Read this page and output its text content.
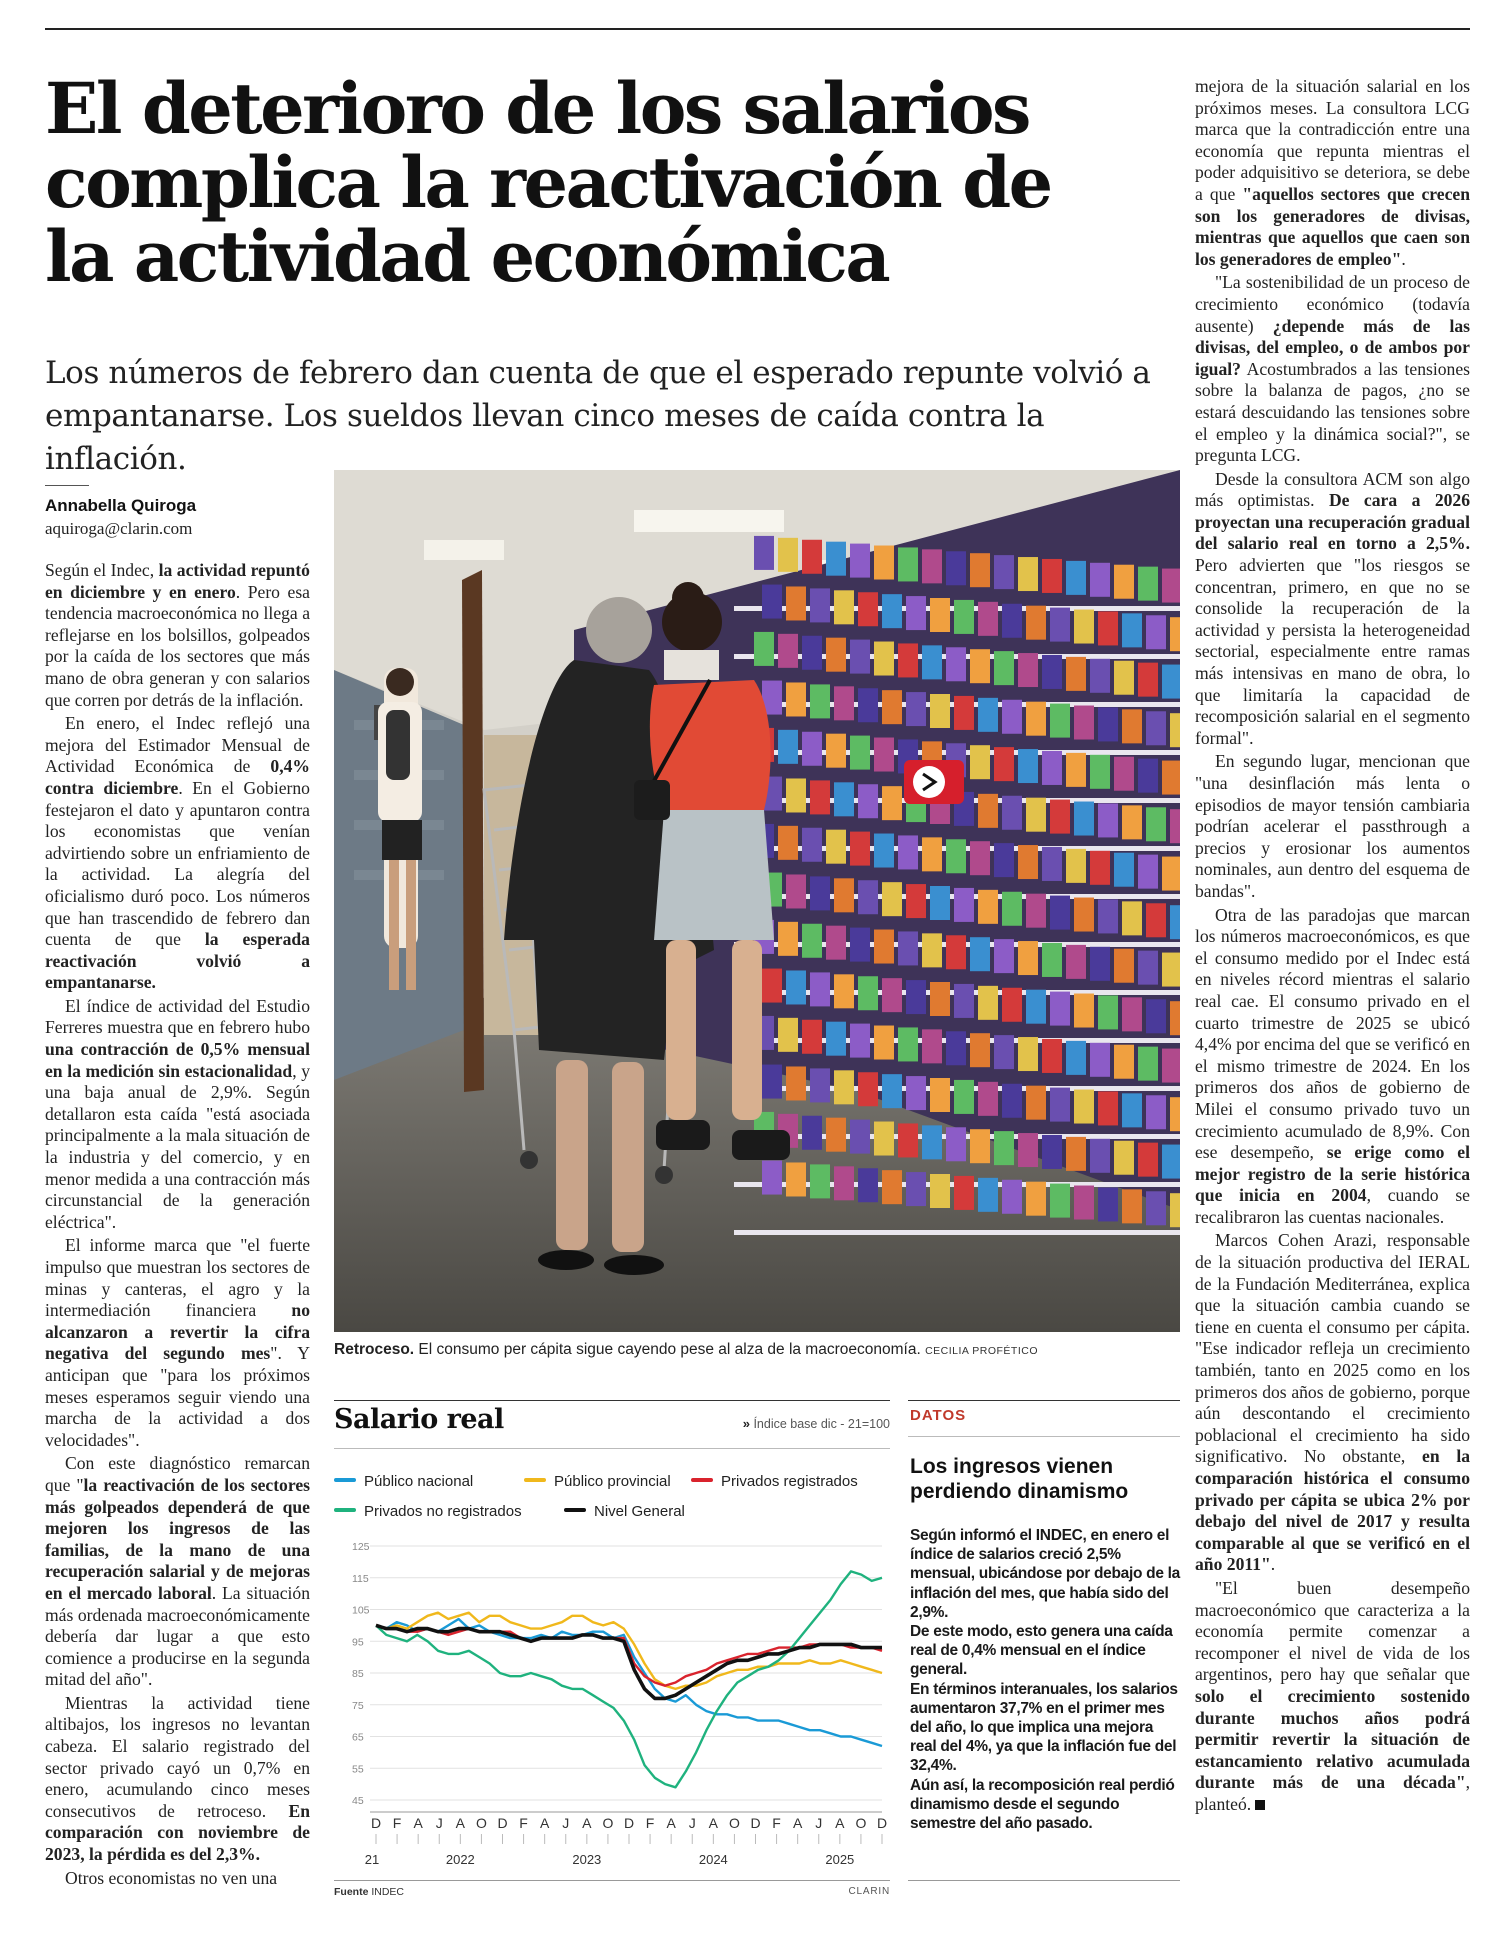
El deterioro de los salarios
complica la reactivación de
la actividad económica
Los números de febrero dan cuenta de que el esperado repunte volvió a
empantanarse. Los sueldos llevan cinco meses de caída contra la inflación.
Annabella Quiroga
aquiroga@clarin.com

Según el Indec, la actividad repuntó en diciembre y en enero. Pero esa tendencia macroeconómica no llega a reflejarse en los bolsillos, golpeados por la caída de los sectores que más mano de obra generan y con salarios que corren por detrás de la inflación.

En enero, el Indec reflejó una mejora del Estimador Mensual de Actividad Económica de 0,4% contra diciembre. En el Gobierno festejaron el dato y apuntaron contra los economistas que venían advirtiendo sobre un enfriamiento de la actividad. La alegría del oficialismo duró poco. Los números que han trascendido de febrero dan cuenta de que la esperada reactivación volvió a empantanarse.

El índice de actividad del Estudio Ferreres muestra que en febrero hubo una contracción de 0,5% mensual en la medición sin estacionalidad, y una baja anual de 2,9%. Según detallaron esta caída "está asociada principalmente a la mala situación de la industria y del comercio, y en menor medida a una contracción más circunstancial de la generación eléctrica".

El informe marca que "el fuerte impulso que muestran los sectores de minas y canteras, el agro y la intermediación financiera no alcanzaron a revertir la cifra negativa del segundo mes". Y anticipan que "para los próximos meses esperamos seguir viendo una marcha de la actividad a dos velocidades".

Con este diagnóstico remarcan que "la reactivación de los sectores más golpeados dependerá de que mejoren los ingresos de las familias, de la mano de una recuperación salarial y de mejoras en el mercado laboral. La situación más ordenada macroeconómicamente debería dar lugar a que esto comience a producirse en la segunda mitad del año".

Mientras la actividad tiene altibajos, los ingresos no levantan cabeza. El salario registrado del sector privado cayó un 0,7% en enero, acumulando cinco meses consecutivos de retroceso. En comparación con noviembre de 2023, la pérdida es del 2,3%.

Otros economistas no ven una

mejora de la situación salarial en los próximos meses. La consultora LCG marca que la contradicción entre una economía que repunta mientras el poder adquisitivo se deteriora, se debe a que "aquellos sectores que crecen son los generadores de divisas, mientras que aquellos que caen son los generadores de empleo".

"La sostenibilidad de un proceso de crecimiento económico (todavía ausente) ¿depende más de las divisas, del empleo, o de ambos por igual? Acostumbrados a las tensiones sobre la balanza de pagos, ¿no se estará descuidando las tensiones sobre el empleo y la dinámica social?", se pregunta LCG.

Desde la consultora ACM son algo más optimistas. De cara a 2026 proyectan una recuperación gradual del salario real en torno a 2,5%. Pero advierten que "los riesgos se concentran, primero, en que no se consolide la recuperación de la actividad y persista la heterogeneidad sectorial, especialmente entre ramas más intensivas en mano de obra, lo que limitaría la capacidad de recomposición salarial en el segmento formal".

En segundo lugar, mencionan que "una desinflación más lenta o episodios de mayor tensión cambiaria podrían acelerar el passthrough a precios y erosionar los aumentos nominales, aun dentro del esquema de bandas".

Otra de las paradojas que marcan los números macroeconómicos, es que el consumo medido por el Indec está en niveles récord mientras el salario real cae. El consumo privado en el cuarto trimestre de 2025 se ubicó 4,4% por encima del que se verificó en el mismo trimestre de 2024. En los primeros dos años de gobierno de Milei el consumo privado tuvo un crecimiento acumulado de 8,9%. Con ese desempeño, se erige como el mejor registro de la serie histórica que inicia en 2004, cuando se recalibraron las cuentas nacionales.

Marcos Cohen Arazi, responsable de la situación productiva del IERAL de la Fundación Mediterránea, explica que la situación cambia cuando se tiene en cuenta el consumo per cápita. "Ese indicador refleja un crecimiento también, tanto en 2025 como en los primeros dos años de gobierno, porque aún descontando el crecimiento poblacional el crecimiento ha sido significativo. No obstante, en la comparación histórica el consumo privado per cápita se ubica 2% por debajo del nivel de 2017 y resulta comparable al que se verificó en el año 2011".

"El buen desempeño macroeconómico que caracteriza a la economía permite comenzar a recomponer el nivel de vida de los argentinos, pero hay que señalar que solo el crecimiento sostenido durante muchos años podrá permitir revertir la situación de estancamiento relativo acumulada durante más de una década", planteó.

Retroceso. El consumo per cápita sigue cayendo pese al alza de la macroeconomía. CECILIA PROFÉTICO
Salario real	» Índice base dic - 21=100
Público nacional	Público provincial	Privados registrados
Privados no registrados	Nivel General
45
55
65
75
85
95
105
115
125
D F A J A O D F A J A O D F A J A O D F A J A O D
21	2022	2023	2024	2025
Fuente INDEC	CLARIN
DATOS
Los ingresos vienen
perdiendo dinamismo

Según informó el INDEC, en enero el índice de salarios creció 2,5% mensual, ubicándose por debajo de la inflación del mes, que había sido del 2,9%.

De este modo, esto genera una caída real de 0,4% mensual en el índice general.

En términos interanuales, los salarios aumentaron 37,7% en el primer mes del año, lo que implica una mejora real del 4%, ya que la inflación fue del 32,4%.

Aún así, la recomposición real perdió dinamismo desde el segundo semestre del año pasado.
